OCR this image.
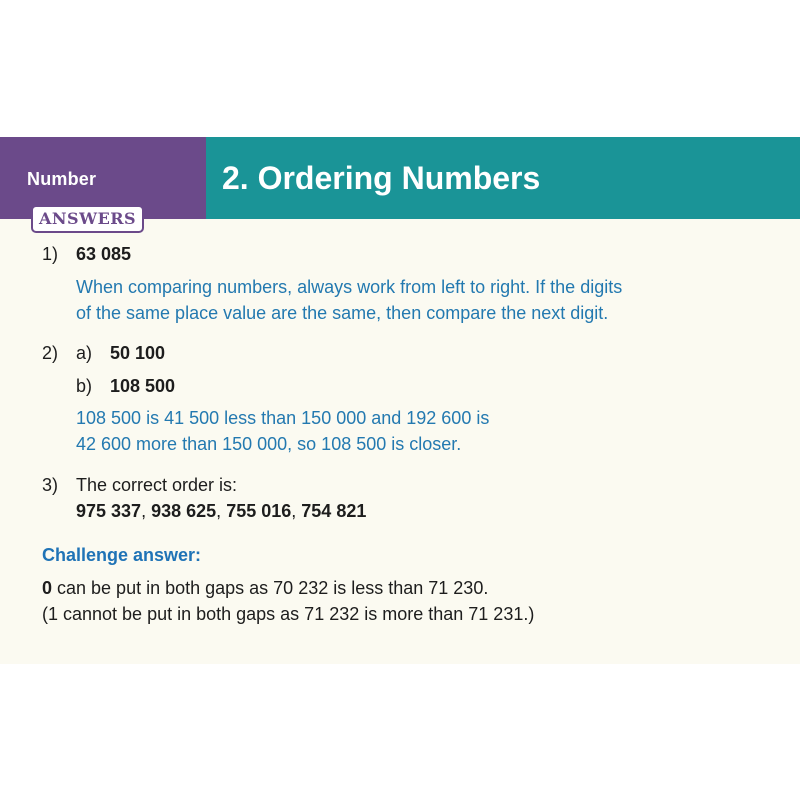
Number	2. Ordering Numbers
ANSWERS
1) 63 085
When comparing numbers, always work from left to right. If the digits
of the same place value are the same, then compare the next digit.
2) a) 50 100
b) 108 500
108 500 is 41 500 less than 150 000 and 192 600 is
42 600 more than 150 000, so 108 500 is closer.
3) The correct order is:
975 337, 938 625, 755 016, 754 821
Challenge answer:
0 can be put in both gaps as 70 232 is less than 71 230.
(1 cannot be put in both gaps as 71 232 is more than 71 231.)
